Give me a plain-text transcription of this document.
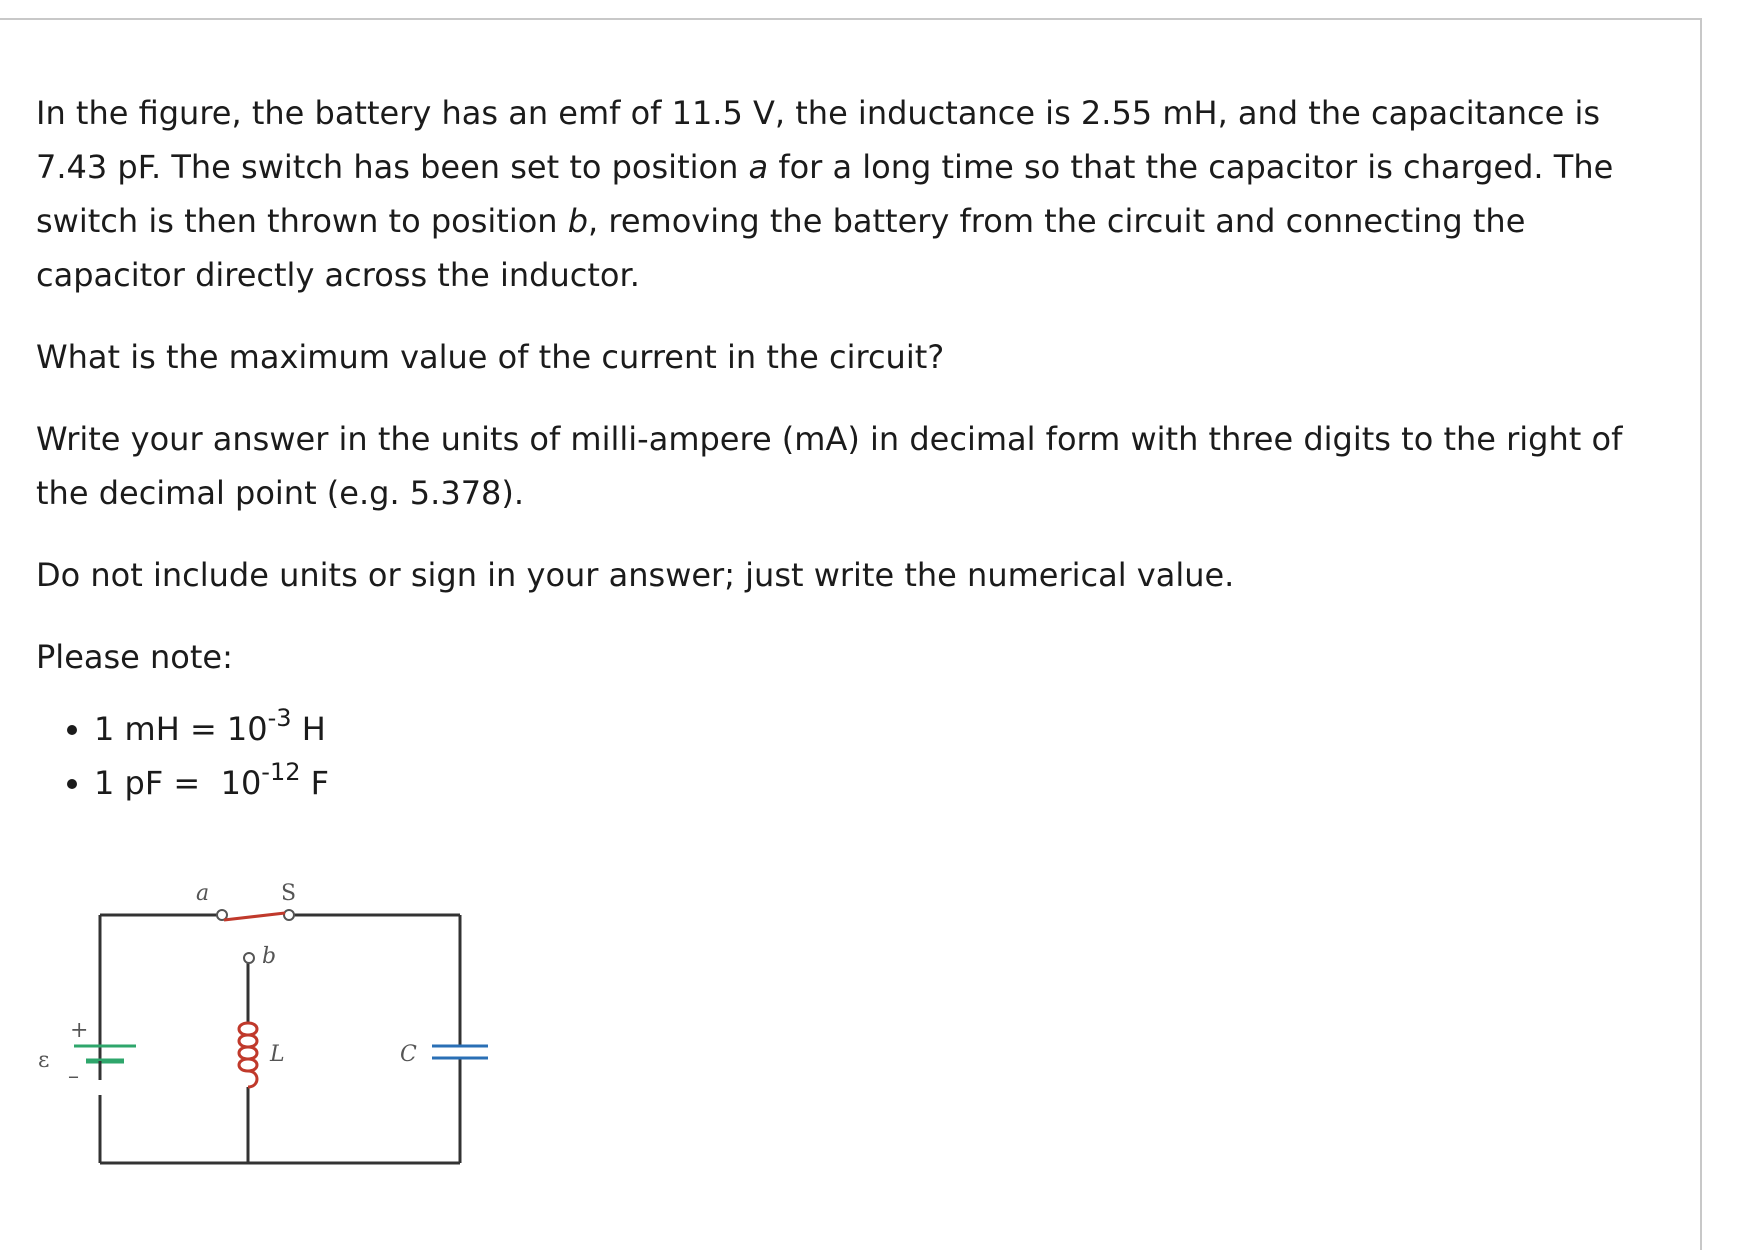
In the figure, the battery has an emf of 11.5 V, the inductance is 2.55 mH, and the capacitance is 7.43 pF. The switch has been set to position a for a long time so that the capacitor is charged. The switch is then thrown to position b, removing the battery from the circuit and connecting the capacitor directly across the inductor.

What is the maximum value of the current in the circuit?

Write your answer in the units of milli-ampere (mA) in decimal form with three digits to the right of the decimal point (e.g. 5.378).

Do not include units or sign in your answer; just write the numerical value.

Please note:

• 1 mH = $10^{-3}$ H
• 1 pF =  $10^{-12}$ F
a	S
b
+
ε
–
L	C
